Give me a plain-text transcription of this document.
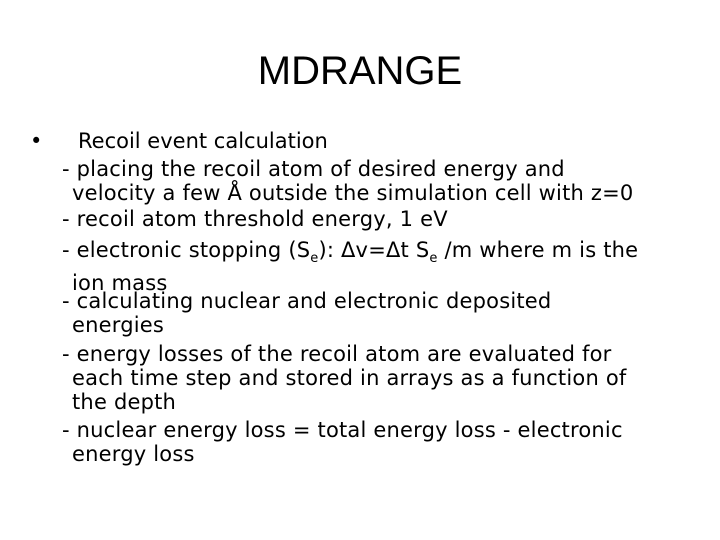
MDRANGE
• Recoil event calculation
- placing the recoil atom of desired energy and
velocity a few Å outside the simulation cell with z=0
- recoil atom threshold energy, 1 eV
- electronic stopping $(S_e)$: Δv=Δt $S_e$ /m where m is the
ion mass
- calculating nuclear and electronic deposited
energies
- energy losses of the recoil atom are evaluated for
each time step and stored in arrays as a function of
the depth
- nuclear energy loss = total energy loss - electronic
energy loss
